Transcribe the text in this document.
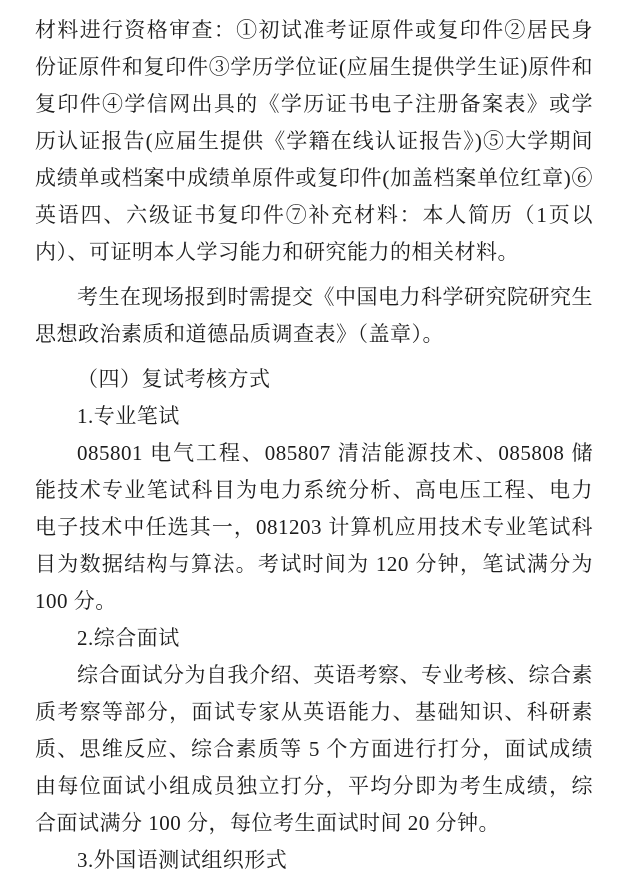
材料进行资格审查：①初试准考证原件或复印件②居民身份证原件和复印件③学历学位证(应届生提供学生证)原件和复印件④学信网出具的《学历证书电子注册备案表》或学历认证报告(应届生提供《学籍在线认证报告》)⑤大学期间成绩单或档案中成绩单原件或复印件(加盖档案单位红章)⑥英语四、六级证书复印件⑦补充材料：本人简历（1页以内）、可证明本人学习能力和研究能力的相关材料。

考生在现场报到时需提交《中国电力科学研究院研究生思想政治素质和道德品质调查表》（盖章）。

（四）复试考核方式

1.专业笔试

085801 电气工程、085807 清洁能源技术、085808 储能技术专业笔试科目为电力系统分析、高电压工程、电力电子技术中任选其一，081203 计算机应用技术专业笔试科目为数据结构与算法。考试时间为 120 分钟，笔试满分为 100 分。

2.综合面试

综合面试分为自我介绍、英语考察、专业考核、综合素质考察等部分，面试专家从英语能力、基础知识、科研素质、思维反应、综合素质等 5 个方面进行打分，面试成绩由每位面试小组成员独立打分，平均分即为考生成绩，综合面试满分 100 分，每位考生面试时间 20 分钟。

3.外国语测试组织形式
